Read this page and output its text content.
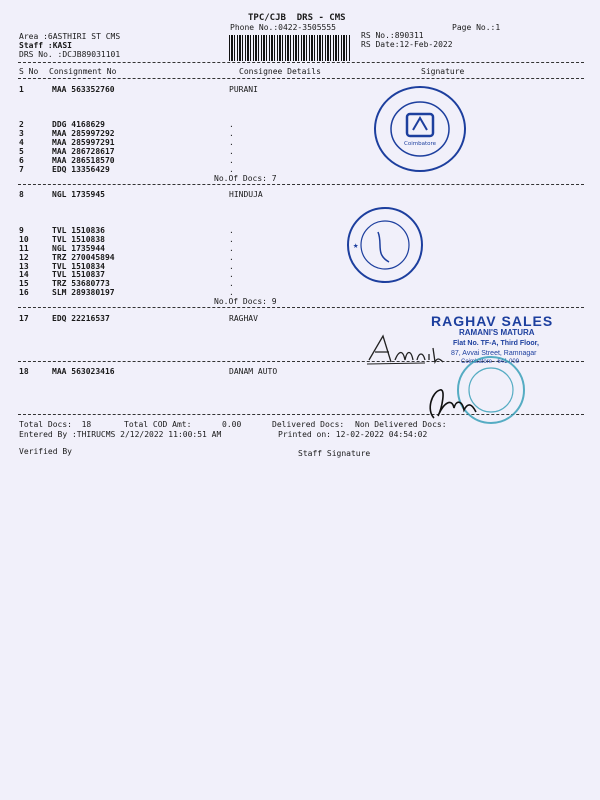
TPC/CJB  DRS - CMS
Phone No.:0422-3505555	Page No.:1
Area :6ASTHIRI ST CMS
Staff :KASI
DRS No. :DCJB89031101
RS No.:890311
RS Date:12-Feb-2022
S No Consignment No	Consignee Details	Signature
1	MAA 563352760	PURANI
2	DDG 4168629
3	MAA 285997292
4	MAA 285997291
5	MAA 286728617
6	MAA 286518570
7	EDQ 13356429
.
.
.
.
.
.
No.Of Docs: 7
8	NGL 1735945	HINDUJA
9	TVL 1510836
10	TVL 1510838
11	NGL 1735944
12	TRZ 270045894
13	TVL 1510834
14	TVL 1510837
15	TRZ 53680773
16	SLM 289380197
.
.
.
.
.
.
.
.
No.Of Docs: 9
17	EDQ 22216537	RAGHAV
18	MAA 563023416	DANAM AUTO
Total Docs:  18	Total COD Amt:	0.00	Delivered Docs: Non Delivered Docs:
Entered By :THIRUCMS 2/12/2022 11:00:51 AM	Printed on: 12-02-2022 04:54:02
Verified By	Staff Signature
Coimbatore
★
RAGHAV SALES
RAMANI'S MATURA
Flat No. TF-A, Third Floor,
87, Avvai Street, Ramnagar
Coimbatore - 641 009
